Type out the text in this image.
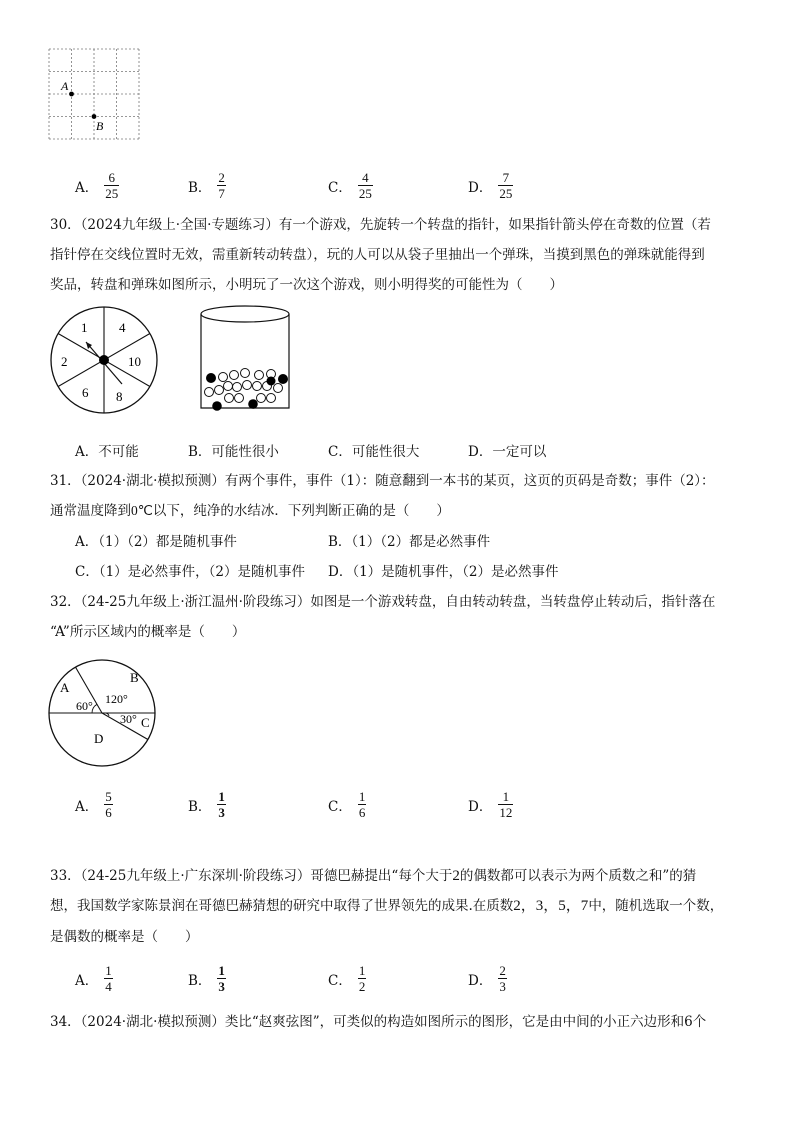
A
B
A． $\frac{6}{25}$	B． $\frac{2}{7}$	C． $\frac{4}{25}$	D． $\frac{7}{25}$
30．（2024九年级上·全国·专题练习）有一个游戏，先旋转一个转盘的指针，如果指针箭头停在奇数的位置（若
指针停在交线位置时无效，需重新转动转盘），玩的人可以从袋子里抽出一个弹珠，当摸到黑色的弹珠就能得到
奖品，转盘和弹珠如图所示，小明玩了一次这个游戏，则小明得奖的可能性为（　　）
1 4
10
8
6
2
A．不可能	B．可能性很小	C．可能性很大	D．一定可以
31．（2024·湖北·模拟预测）有两个事件，事件（1）：随意翻到一本书的某页，这页的页码是奇数；事件（2）：
通常温度降到0℃以下，纯净的水结冰．下列判断正确的是（　　）
A．（1）（2）都是随机事件	B．（1）（2）都是必然事件
C．（1）是必然事件，（2）是随机事件 D．（1）是随机事件，（2）是必然事件
32．（24-25九年级上·浙江温州·阶段练习）如图是一个游戏转盘，自由转动转盘，当转盘停止转动后，指针落在
“A”所示区域内的概率是（　　）
A
B
C
D
60° 120°
30°
A． $\frac{5}{6}$	B． $\frac{1}{3}$	C． $\frac{1}{6}$	D． $\frac{1}{12}$
33．（24-25九年级上·广东深圳·阶段练习）哥德巴赫提出“每个大于2的偶数都可以表示为两个质数之和”的猜
想，我国数学家陈景润在哥德巴赫猜想的研究中取得了世界领先的成果.在质数2，3，5，7中，随机选取一个数，
是偶数的概率是（　　）
A． $\frac{1}{4}$	B． $\frac{1}{3}$	C． $\frac{1}{2}$	D． $\frac{2}{3}$
34．（2024·湖北·模拟预测）类比“赵爽弦图”，可类似的构造如图所示的图形，它是由中间的小正六边形和6个
